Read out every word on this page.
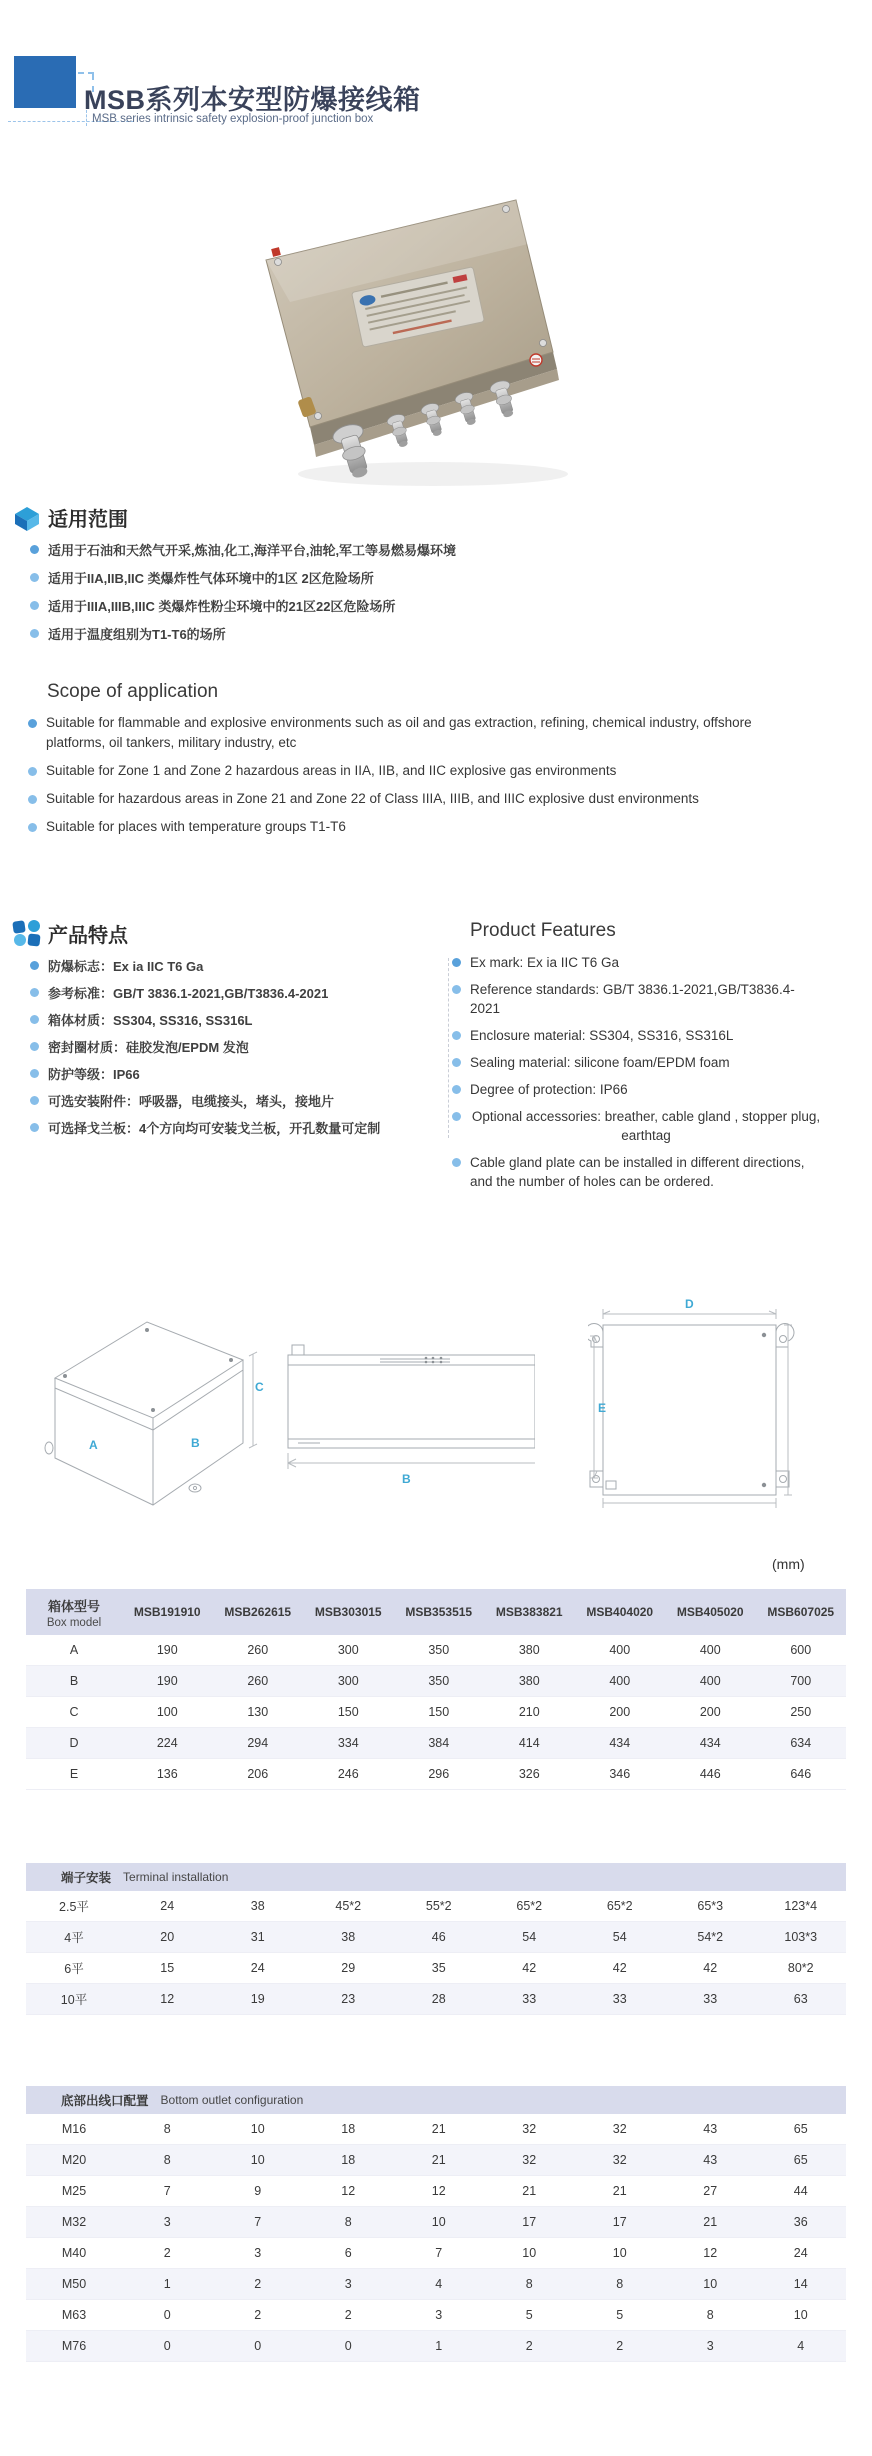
MSB系列本安型防爆接线箱
MSB series intrinsic safety explosion-proof junction box
适用范围
适用于石油和天然气开采,炼油,化工,海洋平台,油轮,军工等易燃易爆环境
适用于IIA,IIB,IIC 类爆炸性气体环境中的1区 2区危险场所
适用于IIIA,IIIB,IIIC 类爆炸性粉尘环境中的21区22区危险场所
适用于温度组别为T1-T6的场所
Scope of application
Suitable for flammable and explosive environments such as oil and gas extraction, refining, chemical industry, offshore platforms, oil tankers, military industry, etc
Suitable for Zone 1 and Zone 2 hazardous areas in IIA, IIB, and IIC explosive gas environments
Suitable for hazardous areas in Zone 21 and Zone 22 of Class IIIA, IIIB, and IIIC explosive dust environments
Suitable for places with temperature groups T1-T6
产品特点
防爆标志：Ex ia IIC T6 Ga
参考标准：GB/T 3836.1-2021,GB/T3836.4-2021
箱体材质：SS304, SS316, SS316L
密封圈材质：硅胶发泡/EPDM 发泡
防护等级：IP66
可选安装附件：呼吸器，电缆接头，堵头，接地片
可选择戈兰板：4个方向均可安装戈兰板，开孔数量可定制
Product Features
Ex mark: Ex ia IIC T6 Ga
Reference standards: GB/T 3836.1-2021,GB/T3836.4-2021
Enclosure material: SS304, SS316, SS316L
Sealing material: silicone foam/EPDM foam
Degree of protection: IP66
Optional accessories: breather, cable gland , stopper plug, earthtag
Cable gland plate can be installed in different directions, and the number of holes can be ordered.
A	B
C
B
D
E
(mm)
箱体型号
Box model
MSB191910	MSB262615	MSB303015	MSB353515	MSB383821	MSB404020	MSB405020	MSB607025
A	190	260	300	350	380	400	400	600
B	190	260	300	350	380	400	400	700
C	100	130	150	150	210	200	200	250
D	224	294	334	384	414	434	434	634
E	136	206	246	296	326	346	446	646
端子安装 Terminal installation
2.5平	24	38	45*2	55*2	65*2	65*2	65*3	123*4
4平	20	31	38	46	54	54	54*2	103*3
6平	15	24	29	35	42	42	42	80*2
10平	12	19	23	28	33	33	33	63
底部出线口配置 Bottom outlet configuration
M16	8	10	18	21	32	32	43	65
M20	8	10	18	21	32	32	43	65
M25	7	9	12	12	21	21	27	44
M32	3	7	8	10	17	17	21	36
M40	2	3	6	7	10	10	12	24
M50	1	2	3	4	8	8	10	14
M63	0	2	2	3	5	5	8	10
M76	0	0	0	1	2	2	3	4
